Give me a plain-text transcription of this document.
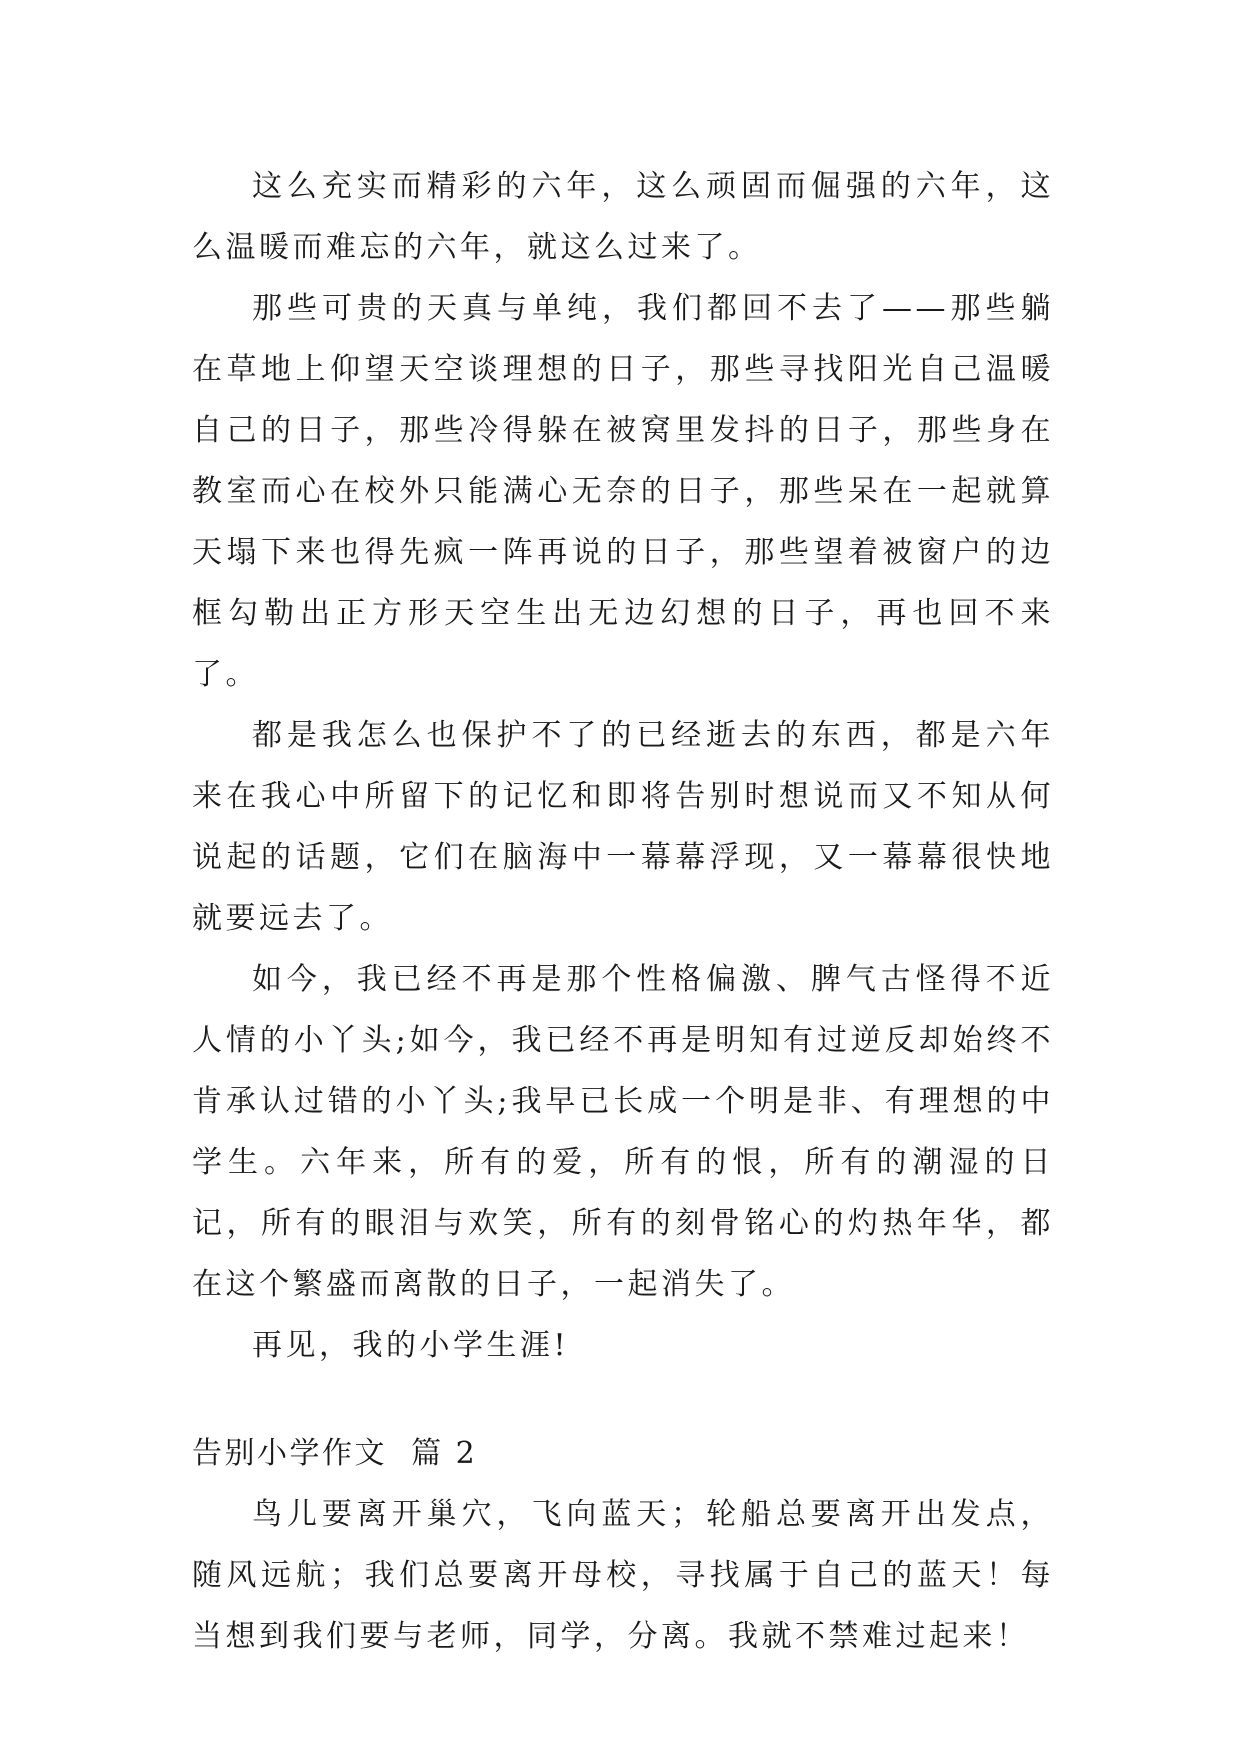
这么充实而精彩的六年，这么顽固而倔强的六年，这么温暖而难忘的六年，就这么过来了。

那些可贵的天真与单纯，我们都回不去了——那些躺在草地上仰望天空谈理想的日子，那些寻找阳光自己温暖自己的日子，那些冷得躲在被窝里发抖的日子，那些身在教室而心在校外只能满心无奈的日子，那些呆在一起就算天塌下来也得先疯一阵再说的日子，那些望着被窗户的边框勾勒出正方形天空生出无边幻想的日子，再也回不来了。

都是我怎么也保护不了的已经逝去的东西，都是六年来在我心中所留下的记忆和即将告别时想说而又不知从何说起的话题，它们在脑海中一幕幕浮现，又一幕幕很快地就要远去了。

如今，我已经不再是那个性格偏激、脾气古怪得不近人情的小丫头;如今，我已经不再是明知有过逆反却始终不肯承认过错的小丫头;我早已长成一个明是非、有理想的中学生。六年来，所有的爱，所有的恨，所有的潮湿的日记，所有的眼泪与欢笑，所有的刻骨铭心的灼热年华，都在这个繁盛而离散的日子，一起消失了。

再见，我的小学生涯!

告别小学作文  篇 2

鸟儿要离开巢穴，飞向蓝天；轮船总要离开出发点，随风远航；我们总要离开母校，寻找属于自己的蓝天！每当想到我们要与老师，同学，分离。我就不禁难过起来！
